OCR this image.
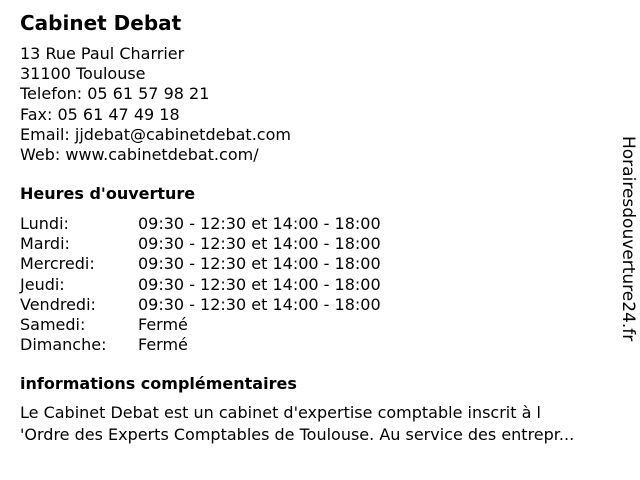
Cabinet Debat
13 Rue Paul Charrier
31100 Toulouse
Telefon: 05 61 57 98 21
Fax: 05 61 47 49 18
Email: jjdebat@cabinetdebat.com
Web: www.cabinetdebat.com/
Heures d'ouverture
Lundi:	09:30 - 12:30 et 14:00 - 18:00
Mardi:	09:30 - 12:30 et 14:00 - 18:00
Mercredi:	09:30 - 12:30 et 14:00 - 18:00
Jeudi:	09:30 - 12:30 et 14:00 - 18:00
Vendredi:	09:30 - 12:30 et 14:00 - 18:00
Samedi:	Fermé
Dimanche:	Fermé
informations complémentaires
Le Cabinet Debat est un cabinet d'expertise comptable inscrit à l
'Ordre des Experts Comptables de Toulouse. Au service des entrepr...
Horairesdouverture24.fr
